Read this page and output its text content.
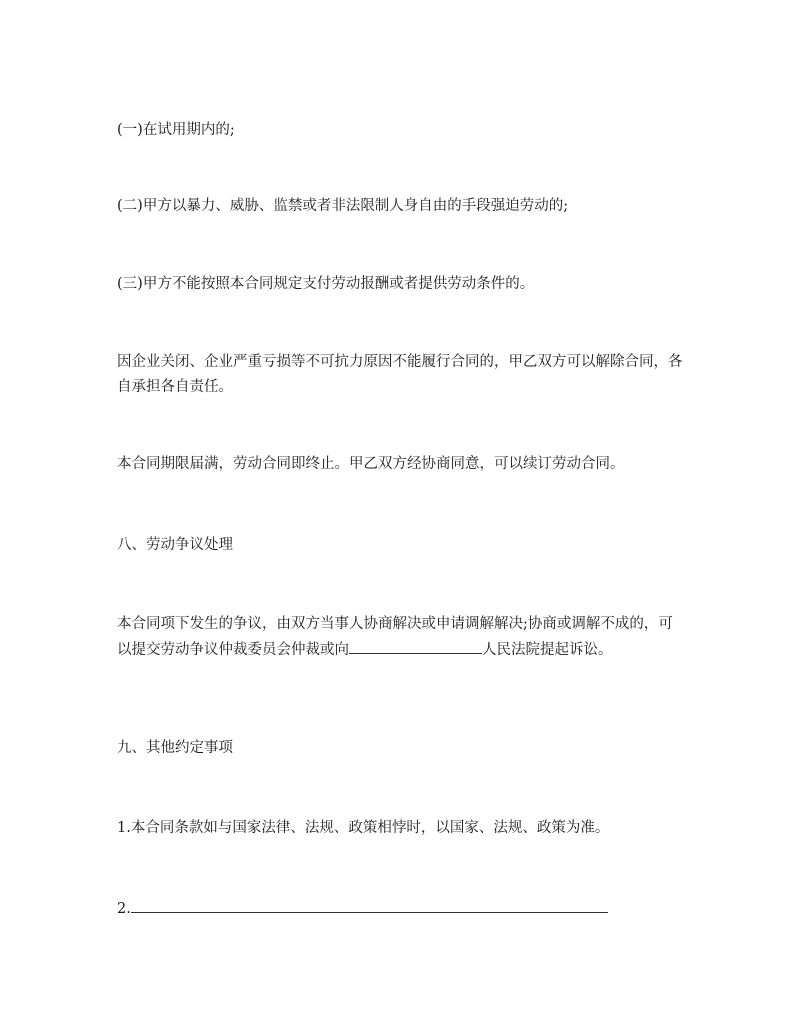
(一)在试用期内的;

(二)甲方以暴力、威胁、监禁或者非法限制人身自由的手段强迫劳动的;

(三)甲方不能按照本合同规定支付劳动报酬或者提供劳动条件的。

因企业关闭、企业严重亏损等不可抗力原因不能履行合同的，甲乙双方可以解除合同，各自承担各自责任。

本合同期限届满，劳动合同即终止。甲乙双方经协商同意，可以续订劳动合同。

八、劳动争议处理

本合同项下发生的争议，由双方当事人协商解决或申请调解解决;协商或调解不成的，可以提交劳动争议仲裁委员会仲裁或向	人民法院提起诉讼。

九、其他约定事项

1.本合同条款如与国家法律、法规、政策相悖时，以国家、法规、政策为准。

2.
